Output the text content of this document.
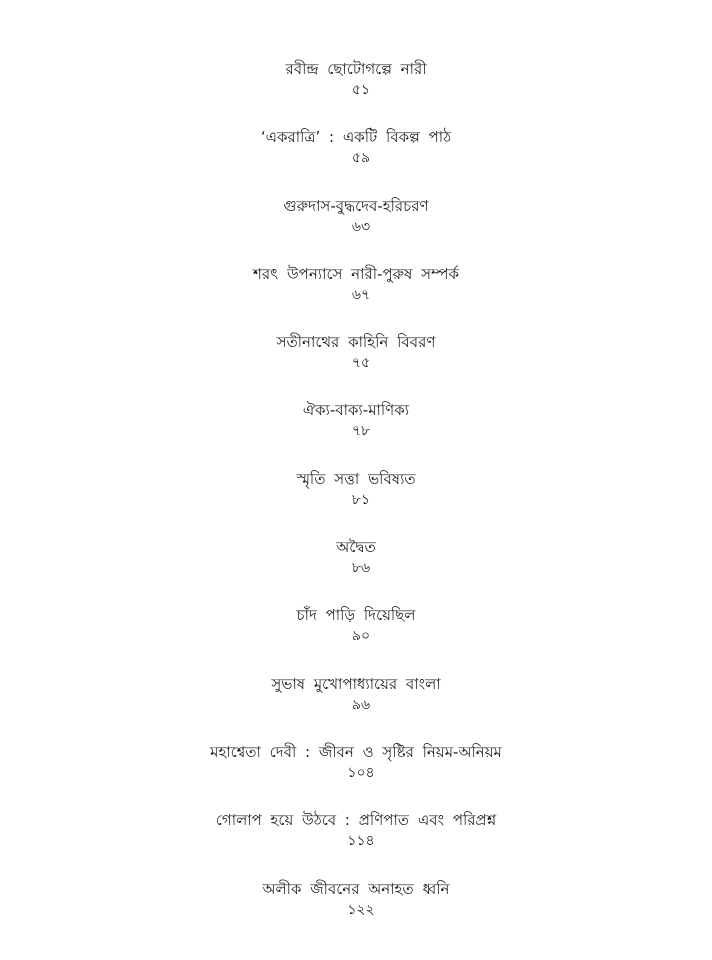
রবীন্দ্র ছোটোগল্পে নারী
৫১
‘একরাত্রি’ : একটি বিকল্প পাঠ
৫৯
গুরুদাস-বুদ্ধদেব-হরিচরণ
৬৩
শরৎ উপন্যাসে নারী-পুরুষ সম্পর্ক
৬৭
সতীনাথের কাহিনি বিবরণ
৭৫
ঐক্য-বাক্য-মাণিক্য
৭৮
স্মৃতি সত্তা ভবিষ্যত
৮১
অদ্বৈত
৮৬
চাঁদ পাড়ি দিয়েছিল
৯০
সুভাষ মুখোপাধ্যায়ের বাংলা
৯৬
মহাশ্বেতা দেবী : জীবন ও সৃষ্টির নিয়ম-অনিয়ম
১০৪
গোলাপ হয়ে উঠবে : প্রণিপাত এবং পরিপ্রশ্ন
১১৪
অলীক জীবনের অনাহত ধ্বনি
১২২
